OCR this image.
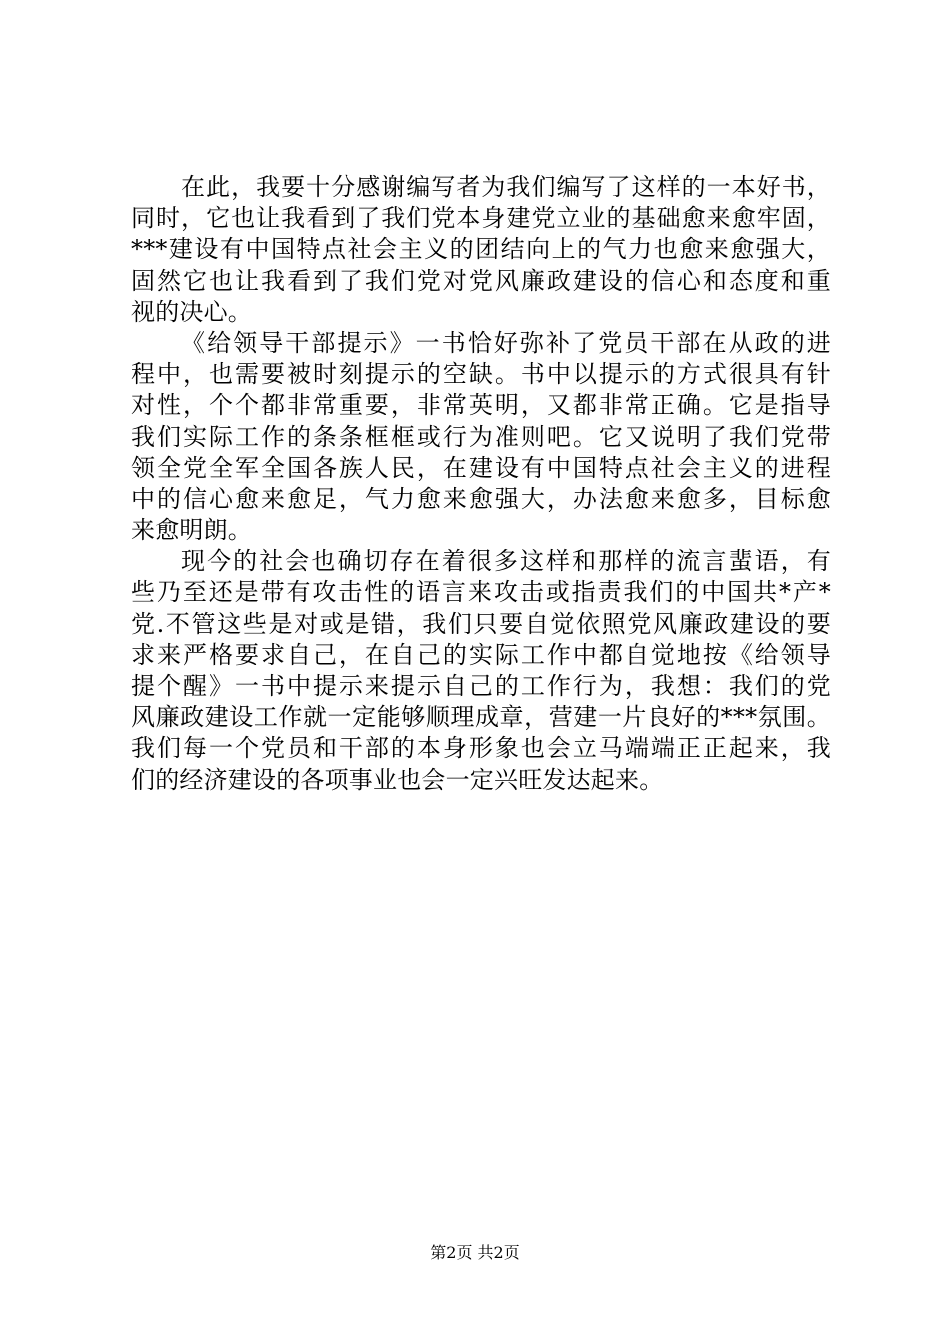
在此，我要十分感谢编写者为我们编写了这样的一本好书，
同时，它也让我看到了我们党本身建党立业的基础愈来愈牢固，
***建设有中国特点社会主义的团结向上的气力也愈来愈强大，
固然它也让我看到了我们党对党风廉政建设的信心和态度和重
视的决心。
《给领导干部提示》一书恰好弥补了党员干部在从政的进
程中，也需要被时刻提示的空缺。书中以提示的方式很具有针
对性，个个都非常重要，非常英明，又都非常正确。它是指导
我们实际工作的条条框框或行为准则吧。它又说明了我们党带
领全党全军全国各族人民，在建设有中国特点社会主义的进程
中的信心愈来愈足，气力愈来愈强大，办法愈来愈多，目标愈
来愈明朗。
现今的社会也确切存在着很多这样和那样的流言蜚语，有
些乃至还是带有攻击性的语言来攻击或指责我们的中国共*产*
党.不管这些是对或是错，我们只要自觉依照党风廉政建设的要
求来严格要求自己，在自己的实际工作中都自觉地按《给领导
提个醒》一书中提示来提示自己的工作行为，我想：我们的党
风廉政建设工作就一定能够顺理成章，营建一片良好的***氛围。
我们每一个党员和干部的本身形象也会立马端端正正起来，我
们的经济建设的各项事业也会一定兴旺发达起来。
第2页 共2页
